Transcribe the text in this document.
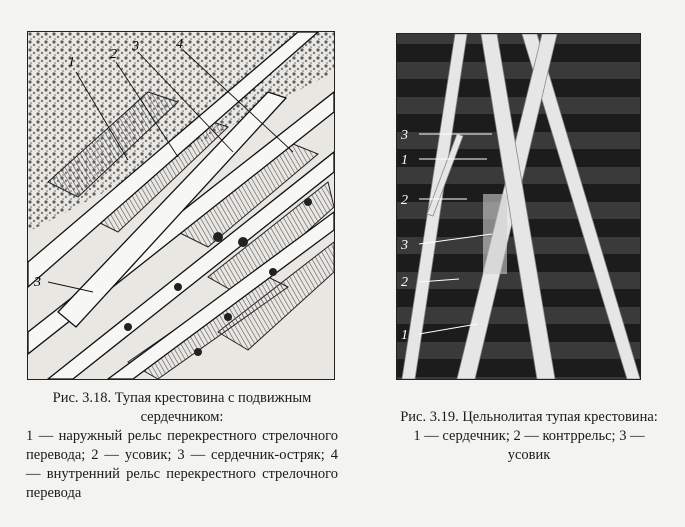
1
2
3	4
3
3
1
2
3
2
1
Рис. 3.18. Тупая крестовина с подвижным сердечником:
1 — наружный рельс перекрестного стрелочного перевода; 2 — усовик; 3 — сердечник-остряк; 4 — внутренний рельс перекрестного стрелочного перевода
Рис. 3.19. Цельнолитая тупая крестовина:
1 — сердечник; 2 — контррельс; 3 — усовик
